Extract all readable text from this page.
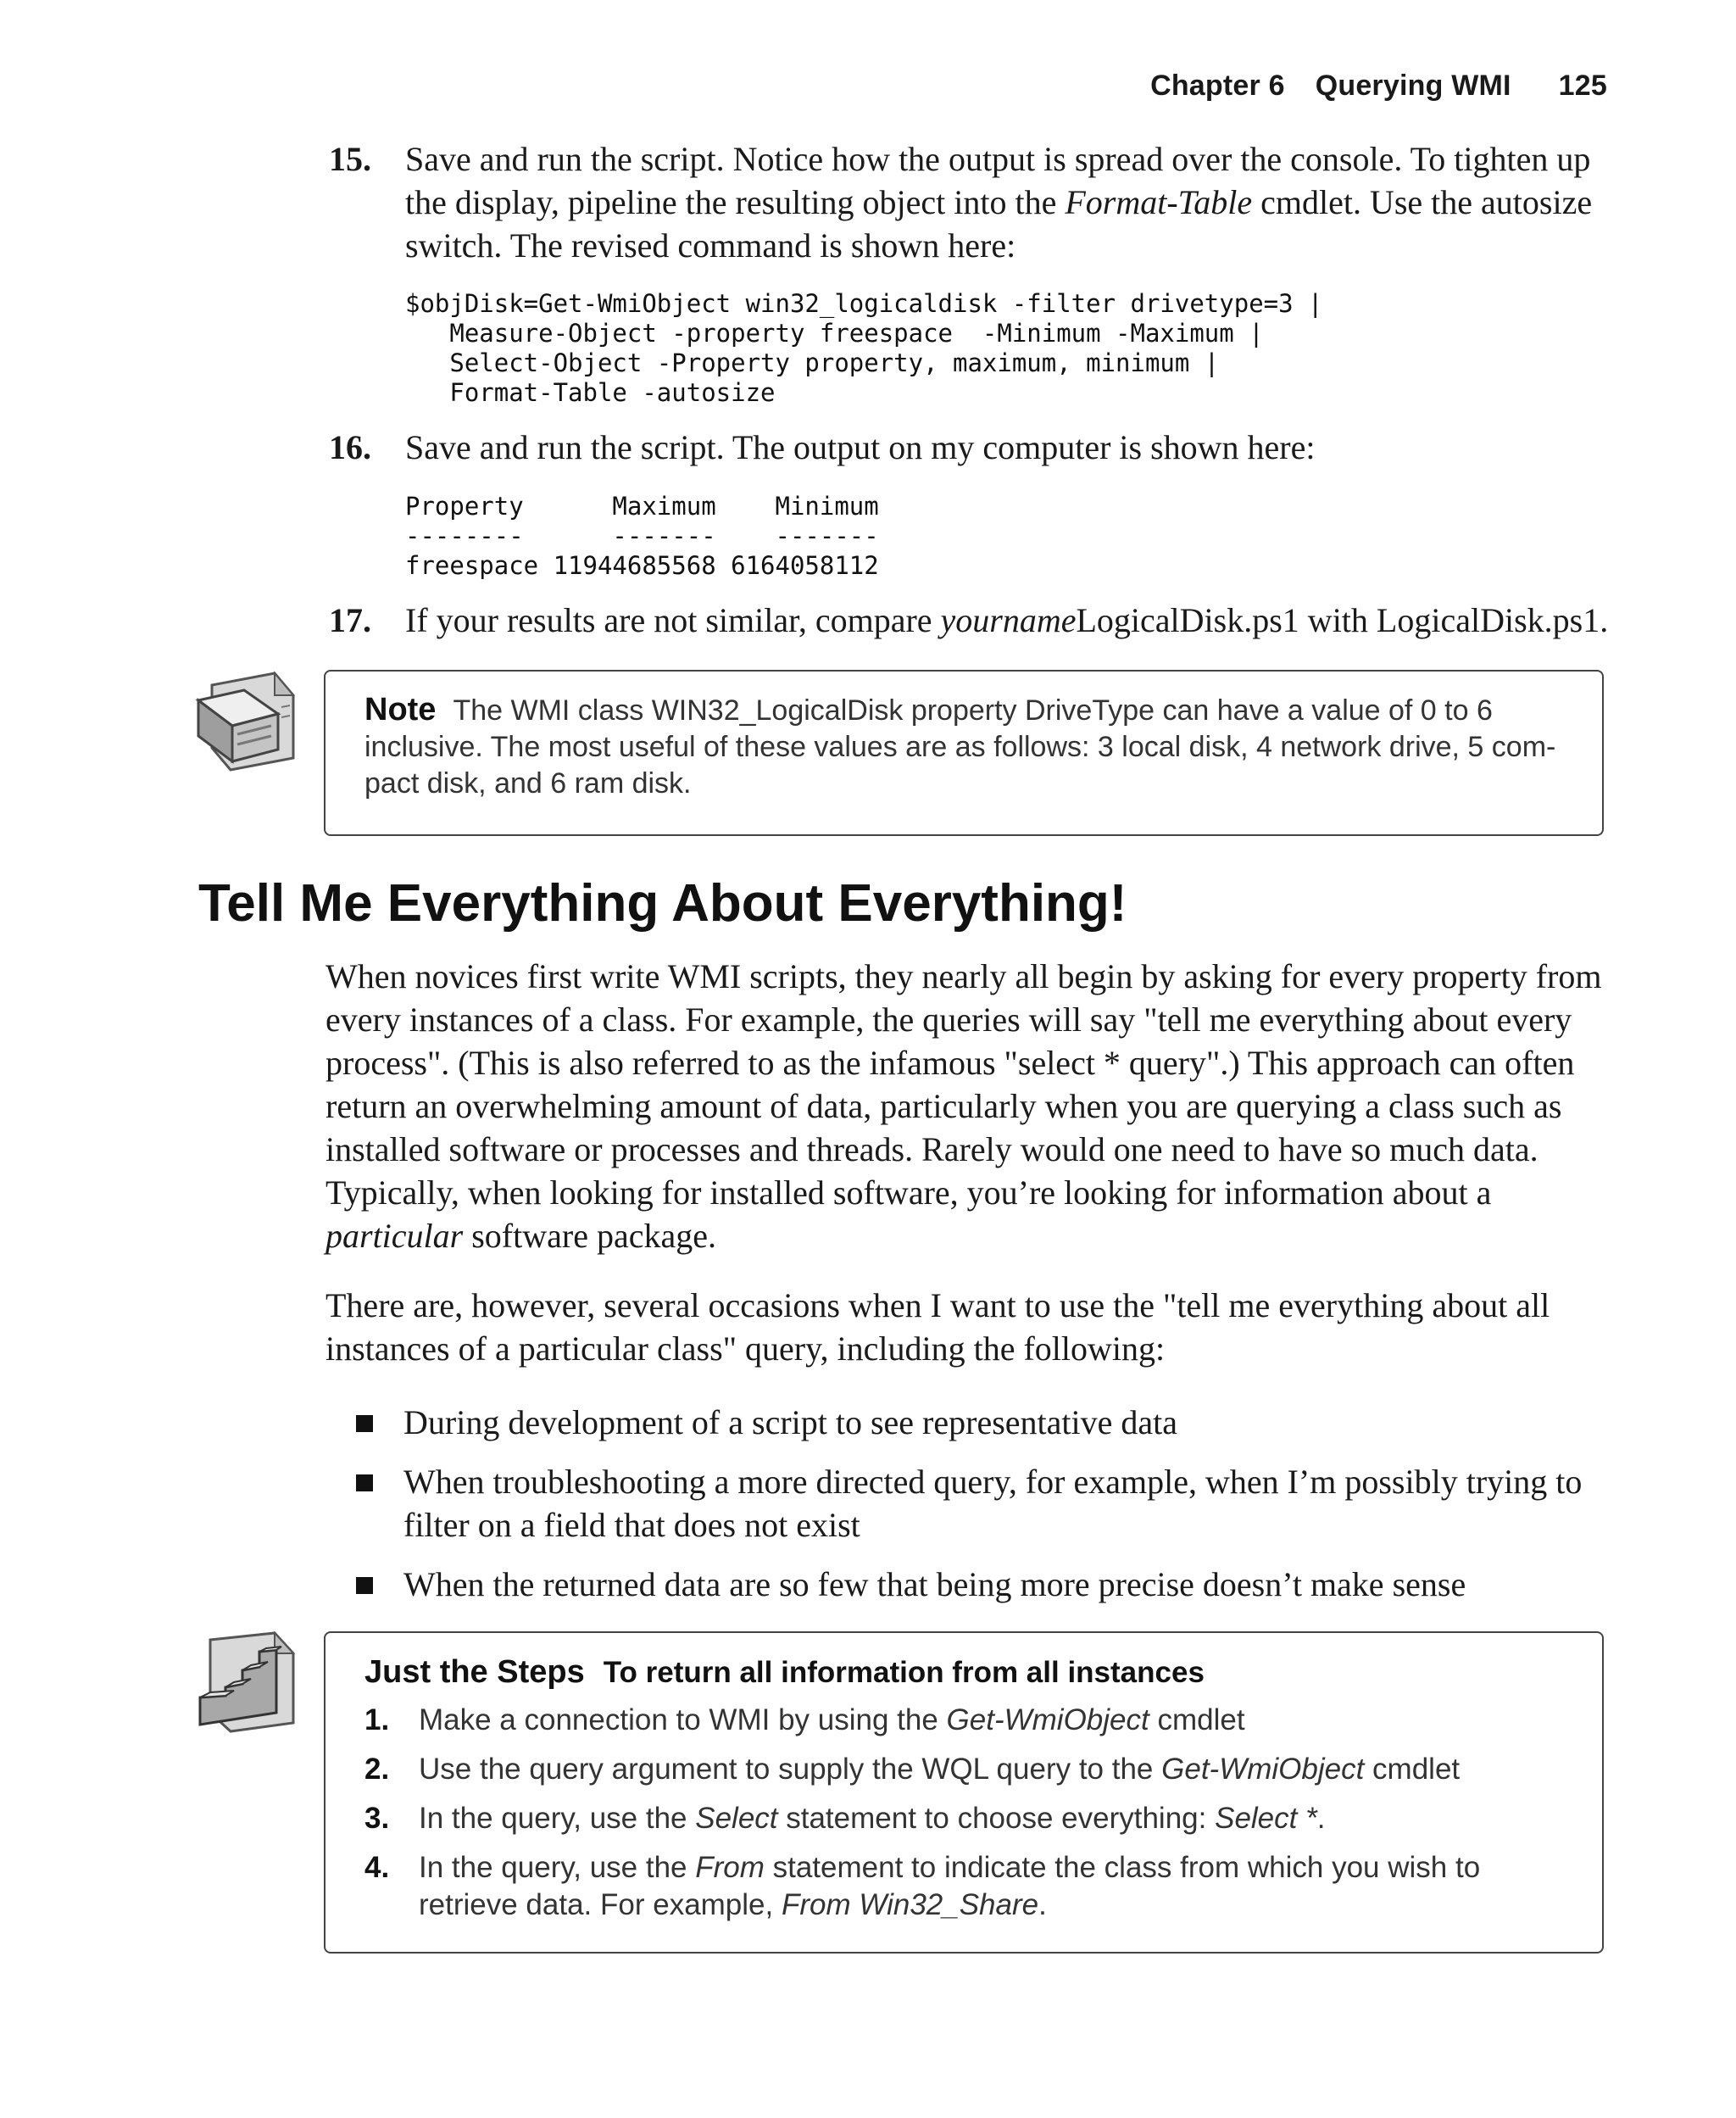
Chapter 6 Querying WMI 125
15.	Save and run the script. Notice how the output is spread over the console. To tighten up the display, pipeline the resulting object into the Format-Table cmdlet. Use the autosize switch. The revised command is shown here:
$objDisk=Get-WmiObject win32_logicaldisk -filter drivetype=3 |
Measure-Object -property freespace  -Minimum -Maximum |
Select-Object -Property property, maximum, minimum |
Format-Table -autosize
16.	Save and run the script. The output on my computer is shown here:
Property      Maximum    Minimum
--------      -------    -------
freespace 11944685568 6164058112
17.	If your results are not similar, compare yournameLogicalDisk.ps1 with LogicalDisk.ps1.
Note The WMI class WIN32_LogicalDisk property DriveType can have a value of 0 to 6 inclusive. The most useful of these values are as follows: 3 local disk, 4 network drive, 5 com-pact disk, and 6 ram disk.
Tell Me Everything About Everything!

When novices first write WMI scripts, they nearly all begin by asking for every property from every instances of a class. For example, the queries will say "tell me everything about every process". (This is also referred to as the infamous "select * query".) This approach can often return an overwhelming amount of data, particularly when you are querying a class such as installed software or processes and threads. Rarely would one need to have so much data. Typically, when looking for installed software, you’re looking for information about a particular software package.

There are, however, several occasions when I want to use the "tell me everything about all instances of a particular class" query, including the following:

During development of a script to see representative data
When troubleshooting a more directed query, for example, when I’m possibly trying to filter on a field that does not exist
When the returned data are so few that being more precise doesn’t make sense
Just the Steps To return all information from all instances
1. Make a connection to WMI by using the Get-WmiObject cmdlet
2. Use the query argument to supply the WQL query to the Get-WmiObject cmdlet
3. In the query, use the Select statement to choose everything: Select *.
4. In the query, use the From statement to indicate the class from which you wish to retrieve data. For example, From Win32_Share.
